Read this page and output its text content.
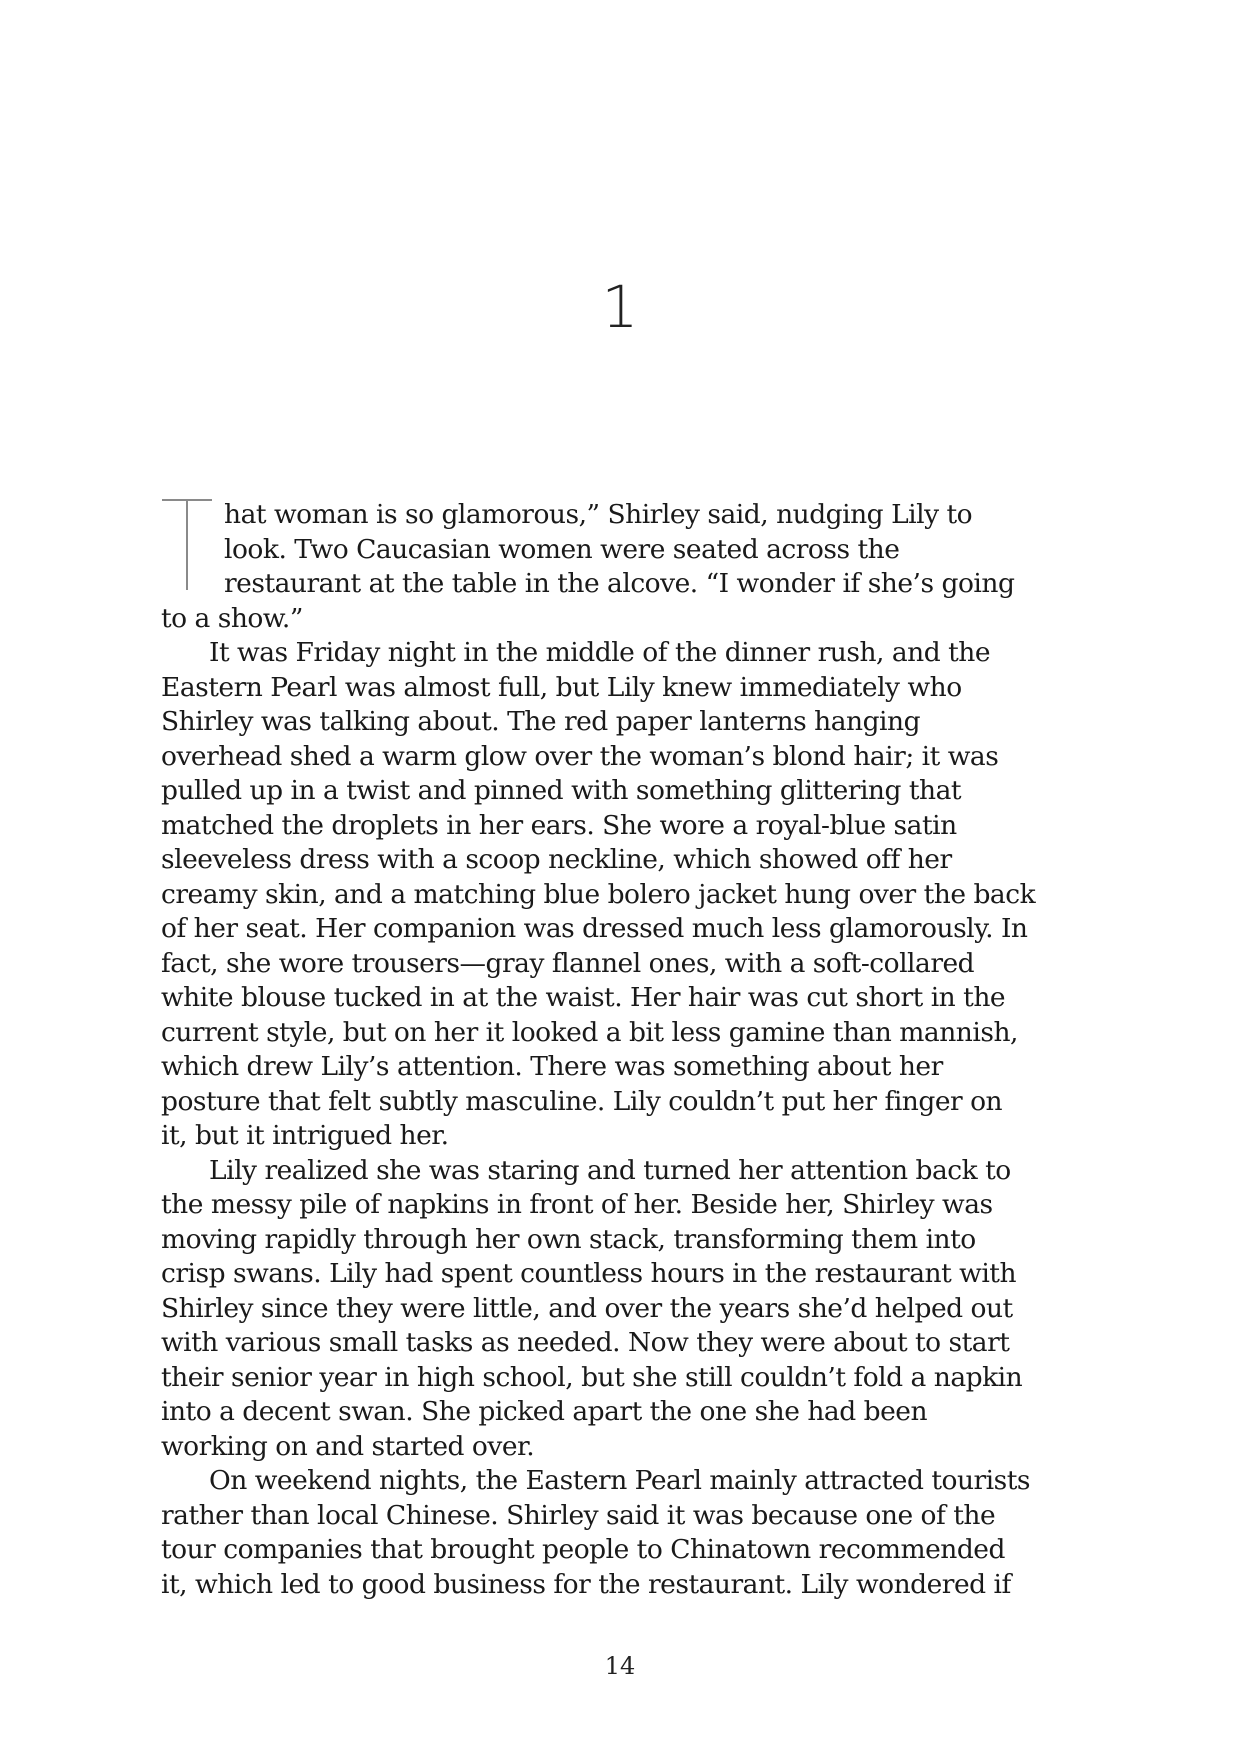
1
hat woman is so glamorous,” Shirley said, nudging Lily to
look. Two Caucasian women were seated across the
restaurant at the table in the alcove. “I wonder if she’s going
to a show.”
It was Friday night in the middle of the dinner rush, and the
Eastern Pearl was almost full, but Lily knew immediately who
Shirley was talking about. The red paper lanterns hanging
overhead shed a warm glow over the woman’s blond hair; it was
pulled up in a twist and pinned with something glittering that
matched the droplets in her ears. She wore a royal-blue satin
sleeveless dress with a scoop neckline, which showed off her
creamy skin, and a matching blue bolero jacket hung over the back
of her seat. Her companion was dressed much less glamorously. In
fact, she wore trousers—gray flannel ones, with a soft-collared
white blouse tucked in at the waist. Her hair was cut short in the
current style, but on her it looked a bit less gamine than mannish,
which drew Lily’s attention. There was something about her
posture that felt subtly masculine. Lily couldn’t put her finger on
it, but it intrigued her.
Lily realized she was staring and turned her attention back to
the messy pile of napkins in front of her. Beside her, Shirley was
moving rapidly through her own stack, transforming them into
crisp swans. Lily had spent countless hours in the restaurant with
Shirley since they were little, and over the years she’d helped out
with various small tasks as needed. Now they were about to start
their senior year in high school, but she still couldn’t fold a napkin
into a decent swan. She picked apart the one she had been
working on and started over.
On weekend nights, the Eastern Pearl mainly attracted tourists
rather than local Chinese. Shirley said it was because one of the
tour companies that brought people to Chinatown recommended
it, which led to good business for the restaurant. Lily wondered if
14
